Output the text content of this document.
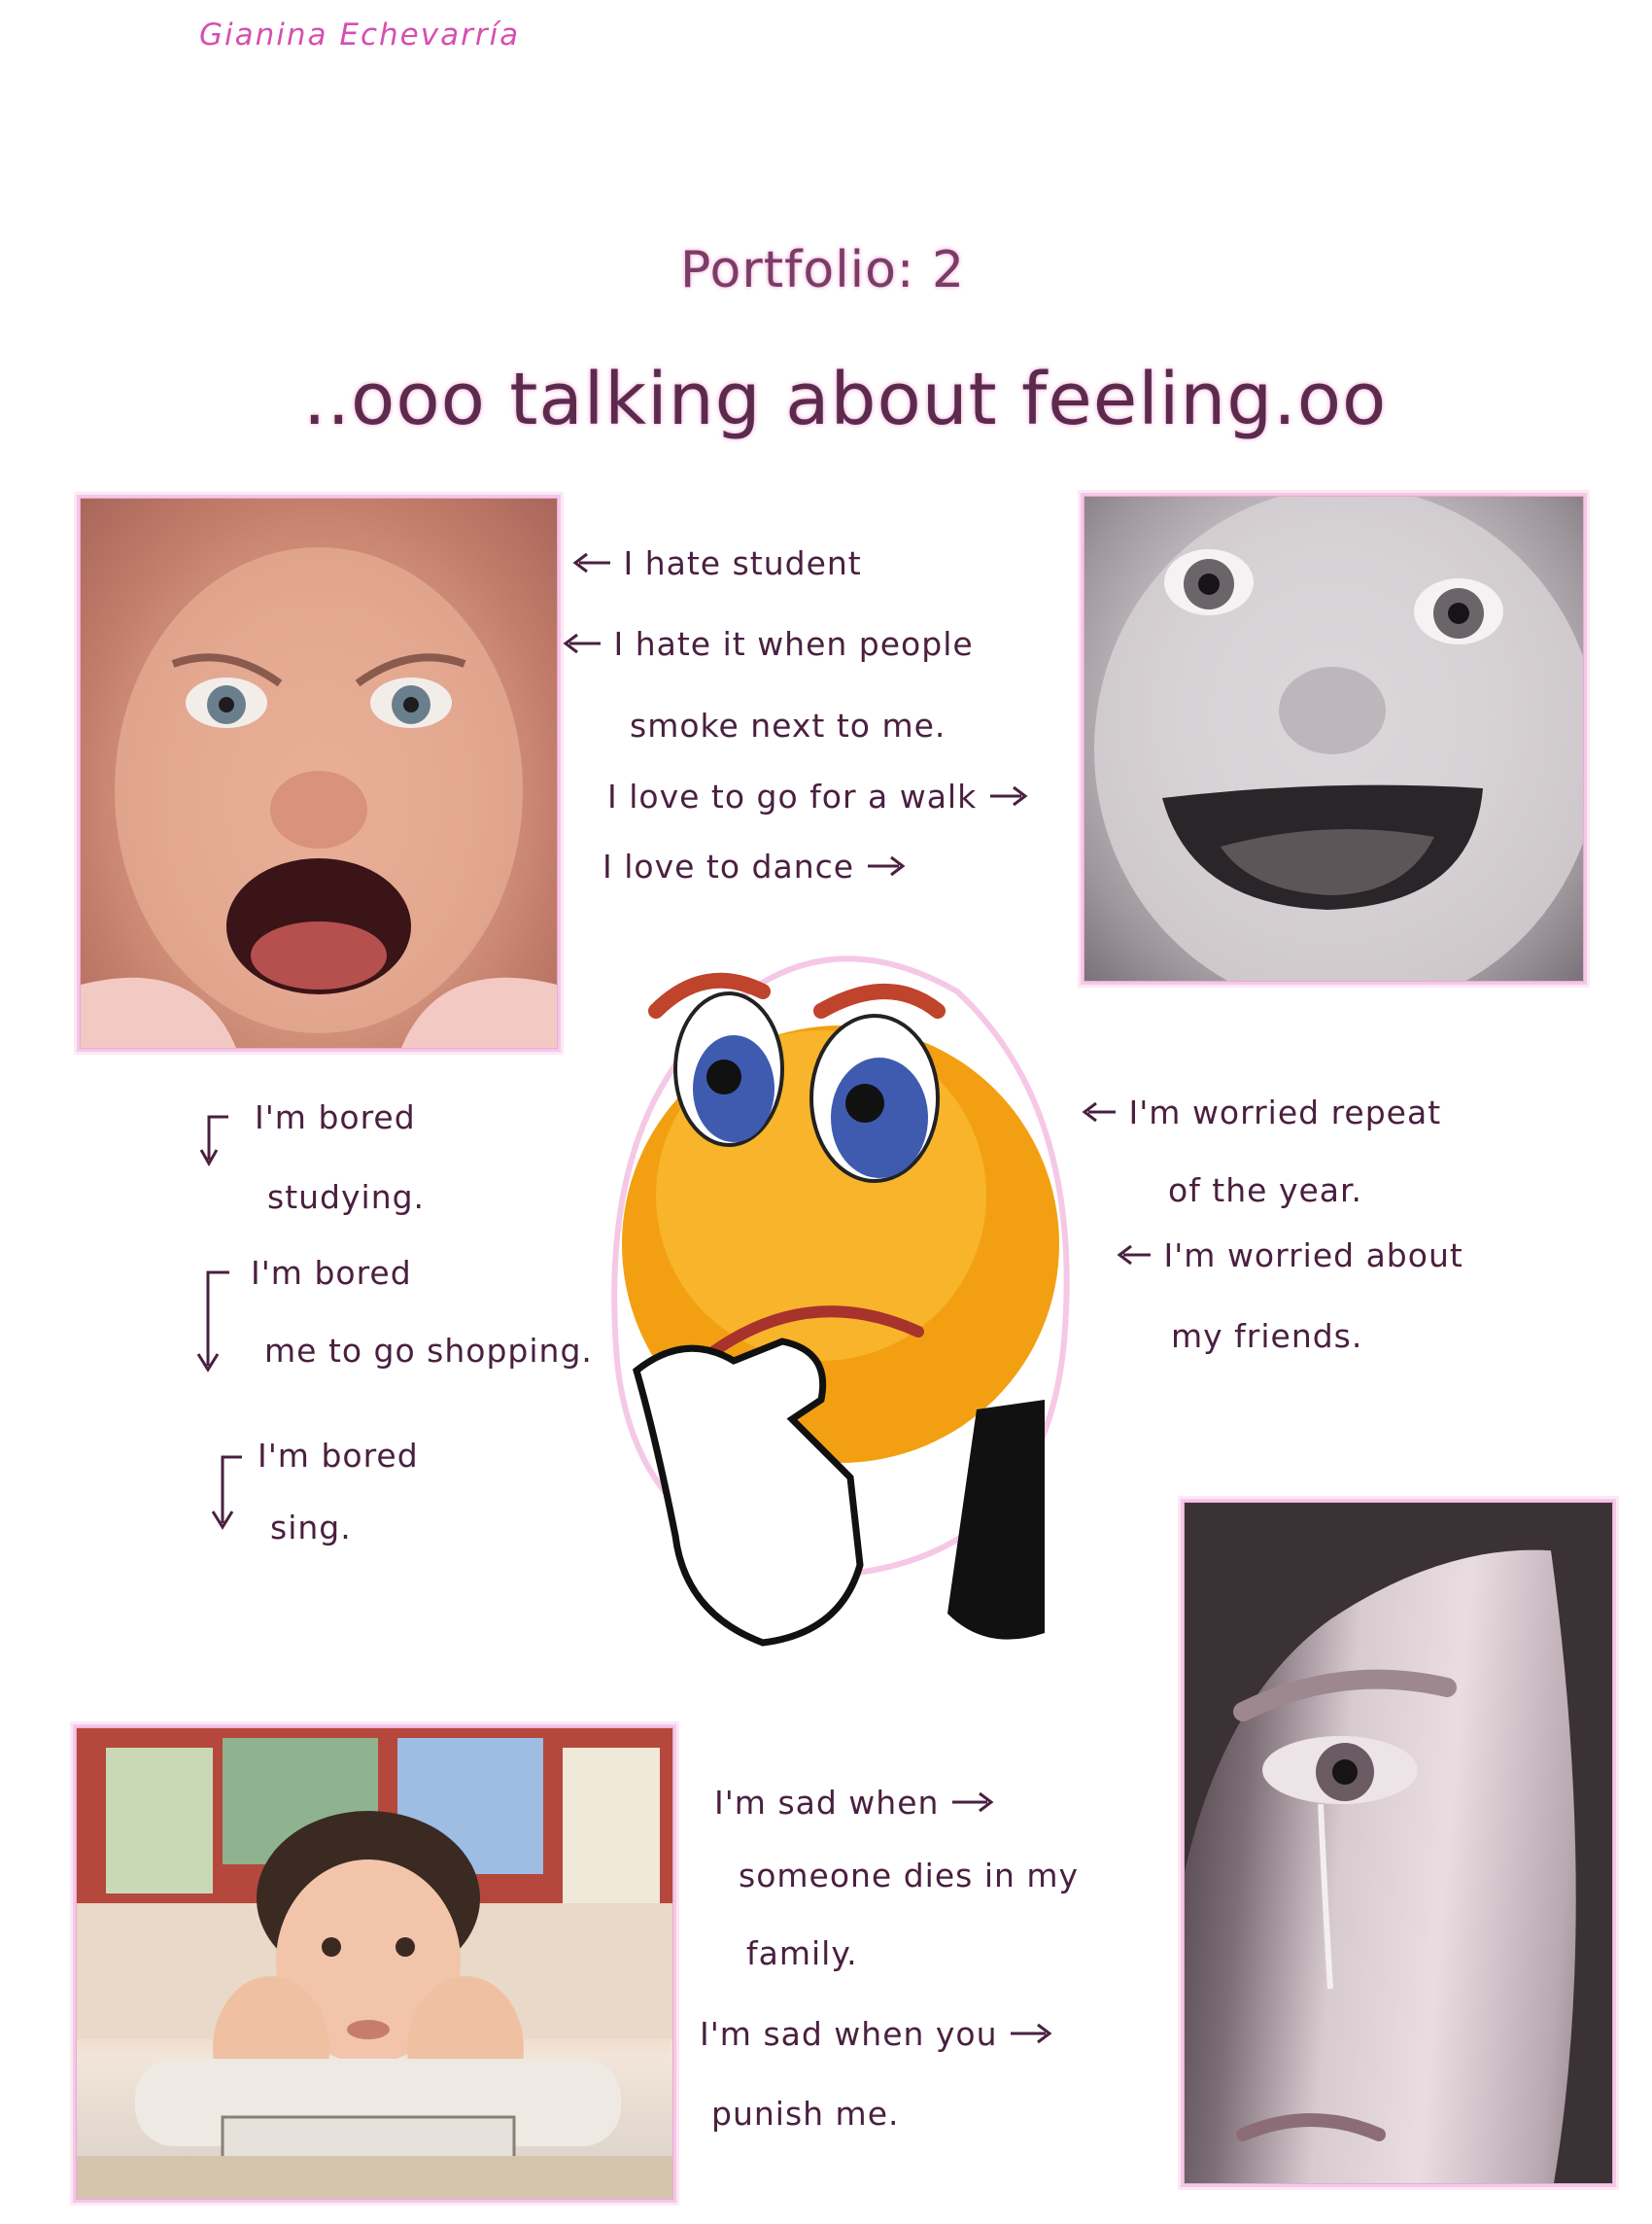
Gianina Echevarría
Portfolio: 2
..ooo talking about feeling.oo
I hate student
I hate it when people
smoke next to me.
I love to go for a walk
I love to dance
I'm bored
studying.
I'm bored
me to go shopping.
I'm bored
sing.
I'm worried repeat
of the year.
I'm worried about
my friends.
I'm sad when
someone dies in my
family.
I'm sad when you
punish me.
